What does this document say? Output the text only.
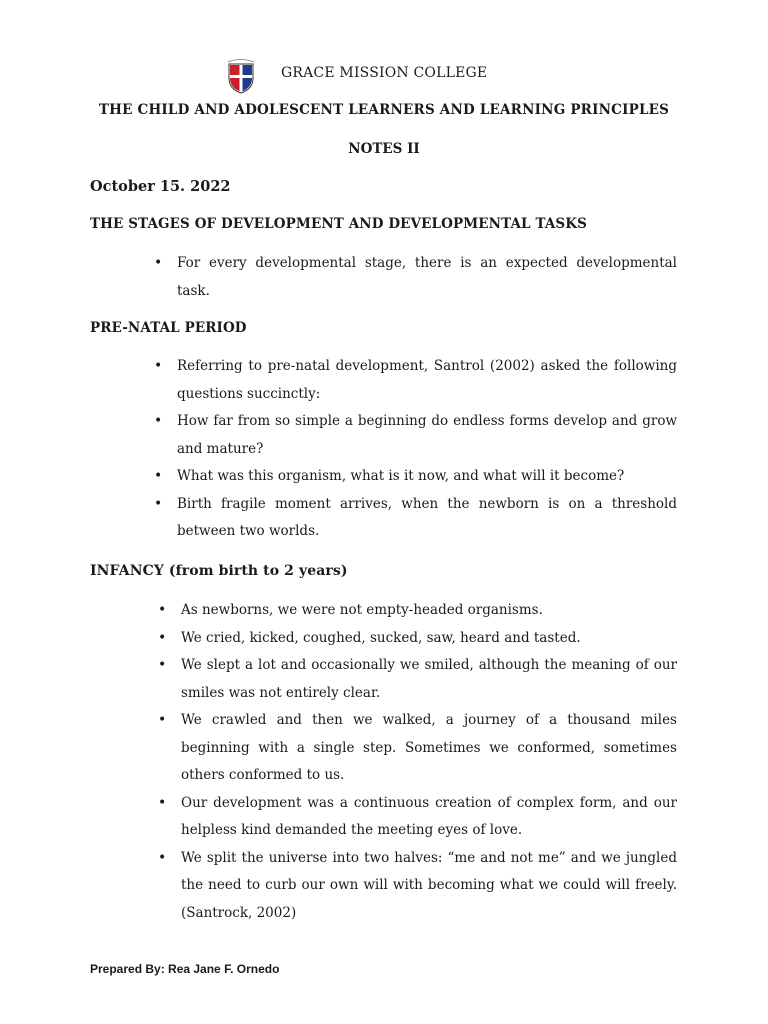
GRACE MISSION COLLEGE
THE CHILD AND ADOLESCENT LEARNERS AND LEARNING PRINCIPLES
NOTES II
October 15. 2022
THE STAGES OF DEVELOPMENT AND DEVELOPMENTAL TASKS
• For every developmental stage, there is an expected developmental task.
PRE-NATAL PERIOD
• Referring to pre-natal development, Santrol (2002) asked the following questions succinctly:
• How far from so simple a beginning do endless forms develop and grow and mature?
• What was this organism, what is it now, and what will it become?
• Birth fragile moment arrives, when the newborn is on a threshold between two worlds.
INFANCY (from birth to 2 years)
• As newborns, we were not empty-headed organisms.
• We cried, kicked, coughed, sucked, saw, heard and tasted.
• We slept a lot and occasionally we smiled, although the meaning of our smiles was not entirely clear.
• We crawled and then we walked, a journey of a thousand miles beginning with a single step. Sometimes we conformed, sometimes others conformed to us.
• Our development was a continuous creation of complex form, and our helpless kind demanded the meeting eyes of love.
• We split the universe into two halves: “me and not me” and we jungled the need to curb our own will with becoming what we could will freely. (Santrock, 2002)
Prepared By: Rea Jane F. Ornedo
